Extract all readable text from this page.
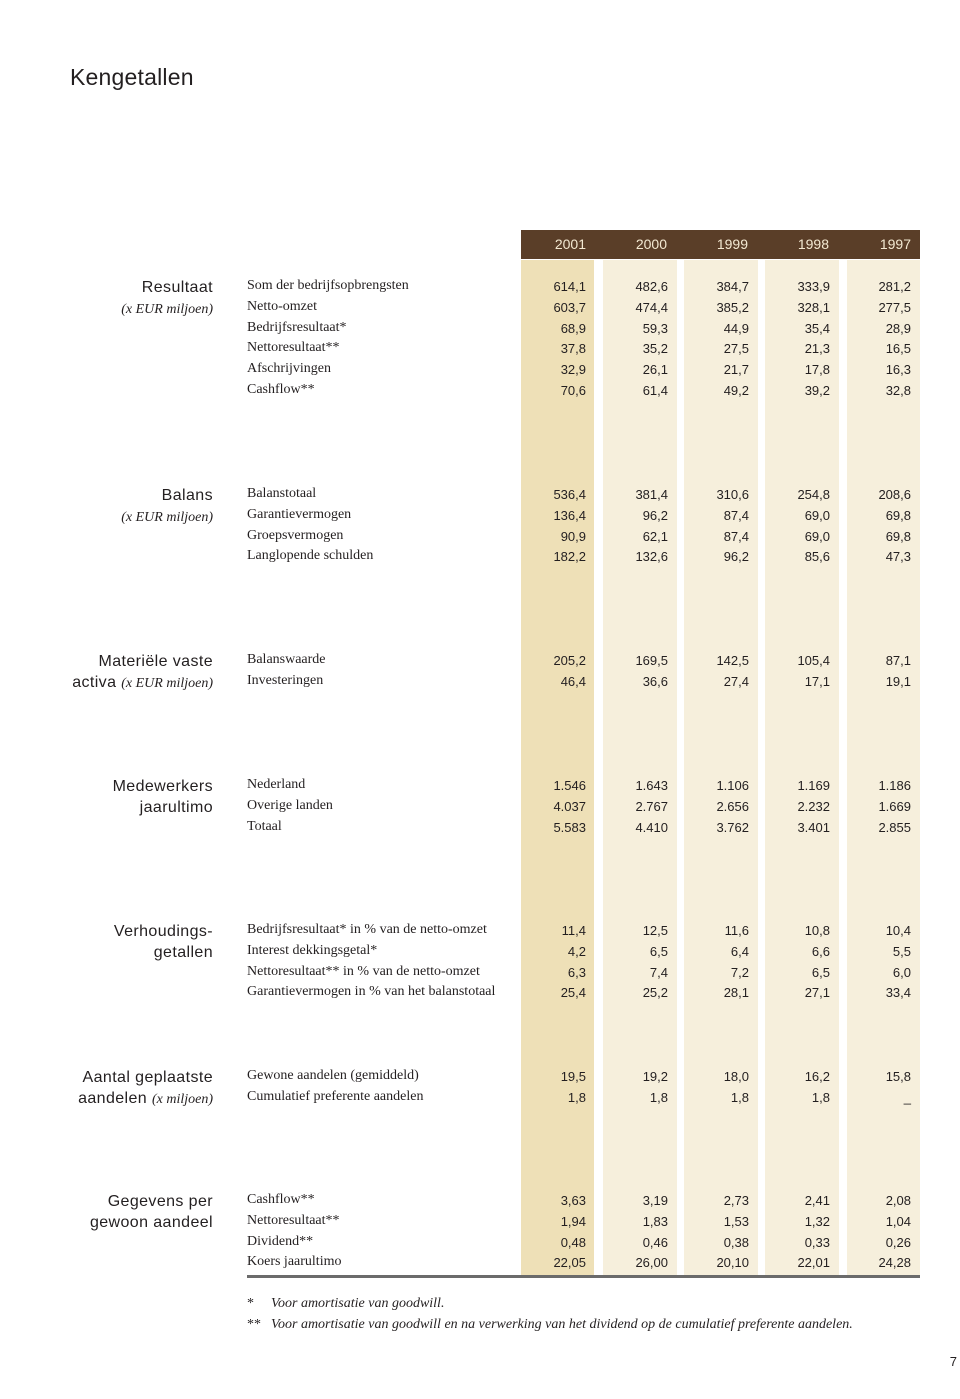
Kengetallen
2001	2000	1999	1998	1997
Resultaat
(x EUR miljoen)
Som der bedrijfsopbrengsten	614,1	482,6	384,7	333,9	281,2
Netto-omzet	603,7	474,4	385,2	328,1	277,5
Bedrijfsresultaat*	68,9	59,3	44,9	35,4	28,9
Nettoresultaat**	37,8	35,2	27,5	21,3	16,5
Afschrijvingen	32,9	26,1	21,7	17,8	16,3
Cashflow**	70,6	61,4	49,2	39,2	32,8
Balans
(x EUR miljoen)
Balanstotaal	536,4	381,4	310,6	254,8	208,6
Garantievermogen	136,4	96,2	87,4	69,0	69,8
Groepsvermogen	90,9	62,1	87,4	69,0	69,8
Langlopende schulden	182,2	132,6	96,2	85,6	47,3
Materiële vaste
activa (x EUR miljoen)
Balanswaarde	205,2	169,5	142,5	105,4	87,1
Investeringen	46,4	36,6	27,4	17,1	19,1
Medewerkers
jaarultimo
Nederland	1.546	1.643	1.106	1.169	1.186
Overige landen	4.037	2.767	2.656	2.232	1.669
Totaal	5.583	4.410	3.762	3.401	2.855
Verhoudings-
getallen
Bedrijfsresultaat* in % van de netto-omzet	11,4	12,5	11,6	10,8	10,4
Interest dekkingsgetal*	4,2	6,5	6,4	6,6	5,5
Nettoresultaat** in % van de netto-omzet	6,3	7,4	7,2	6,5	6,0
Garantievermogen in % van het balanstotaal	25,4	25,2	28,1	27,1	33,4
Aantal geplaatste
aandelen (x miljoen)
Gewone aandelen (gemiddeld)	19,5	19,2	18,0	16,2	15,8
Cumulatief preferente aandelen	1,8	1,8	1,8	1,8	_
Gegevens per
gewoon aandeel
Cashflow**	3,63	3,19	2,73	2,41	2,08
Nettoresultaat**	1,94	1,83	1,53	1,32	1,04
Dividend**	0,48	0,46	0,38	0,33	0,26
Koers jaarultimo	22,05	26,00	20,10	22,01	24,28
* Voor amortisatie van goodwill.
** Voor amortisatie van goodwill en na verwerking van het dividend op de cumulatief preferente aandelen.
7
